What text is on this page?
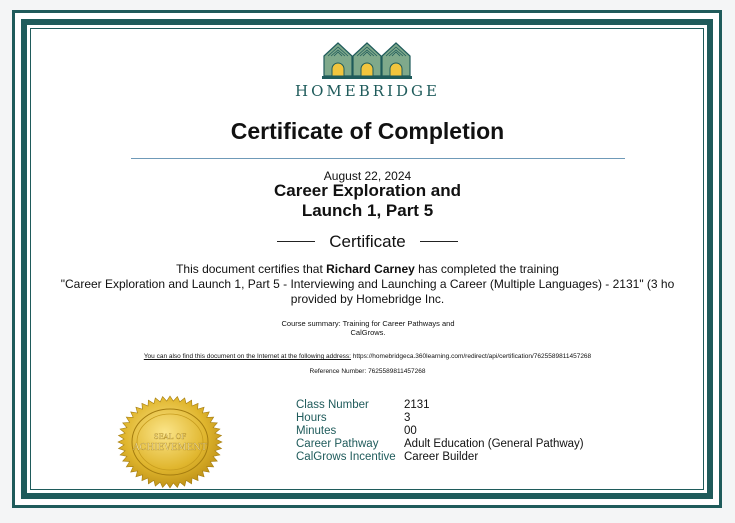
HOMEBRIDGE
Certificate of Completion
August 22, 2024
Career Exploration and
Launch 1, Part 5
Certificate
This document certifies that Richard Carney has completed the training
"Career Exploration and Launch 1, Part 5 - Interviewing and Launching a Career (Multiple Languages) - 2131" (3 ho
provided by Homebridge Inc.
Course summary: Training for Career Pathways and
CalGrows.
You can also find this document on the Internet at the following address: https://homebridgeca.360learning.com/redirect/api/certification/7625589811457268
Reference Number: 7625589811457268
SEAL OF
ACHIEVEMENT
Class Number	2131
Hours	3
Minutes	00
Career Pathway	Adult Education (General Pathway)
CalGrows Incentive	Career Builder
